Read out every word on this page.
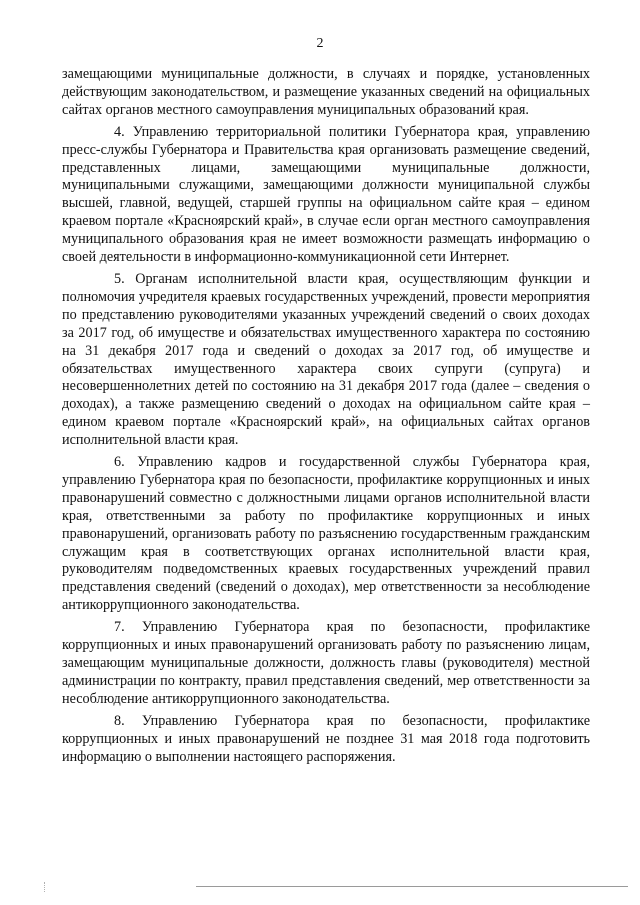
2

замещающими муниципальные должности, в случаях и порядке, установленных действующим законодательством, и размещение указанных сведений на официальных сайтах органов местного самоуправления муниципальных образований края.

4. Управлению территориальной политики Губернатора края, управлению пресс-службы Губернатора и Правительства края организовать размещение сведений, представленных лицами, замещающими муниципальные должности, муниципальными служащими, замещающими должности муниципальной службы высшей, главной, ведущей, старшей группы на официальном сайте края – едином краевом портале «Красноярский край», в случае если орган местного самоуправления муниципального образования края не имеет возможности размещать информацию о своей деятельности в информационно-коммуникационной сети Интернет.

5. Органам исполнительной власти края, осуществляющим функции и полномочия учредителя краевых государственных учреждений, провести мероприятия по представлению руководителями указанных учреждений сведений о своих доходах за 2017 год, об имуществе и обязательствах имущественного характера по состоянию на 31 декабря 2017 года и сведений о доходах за 2017 год, об имуществе и обязательствах имущественного характера своих супруги (супруга) и несовершеннолетних детей по состоянию на 31 декабря 2017 года (далее – сведения о доходах), а также размещению сведений о доходах на официальном сайте края – едином краевом портале «Красноярский край», на официальных сайтах органов исполнительной власти края.

6. Управлению кадров и государственной службы Губернатора края, управлению Губернатора края по безопасности, профилактике коррупционных и иных правонарушений совместно с должностными лицами органов исполнительной власти края, ответственными за работу по профилактике коррупционных и иных правонарушений, организовать работу по разъяснению государственным гражданским служащим края в соответствующих органах исполнительной власти края, руководителям подведомственных краевых государственных учреждений правил представления сведений (сведений о доходах), мер ответственности за несоблюдение антикоррупционного законодательства.

7. Управлению Губернатора края по безопасности, профилактике коррупционных и иных правонарушений организовать работу по разъяснению лицам, замещающим муниципальные должности, должность главы (руководителя) местной администрации по контракту, правил представления сведений, мер ответственности за несоблюдение антикоррупционного законодательства.

8. Управлению Губернатора края по безопасности, профилактике коррупционных и иных правонарушений не позднее 31 мая 2018 года подготовить информацию о выполнении настоящего распоряжения.
